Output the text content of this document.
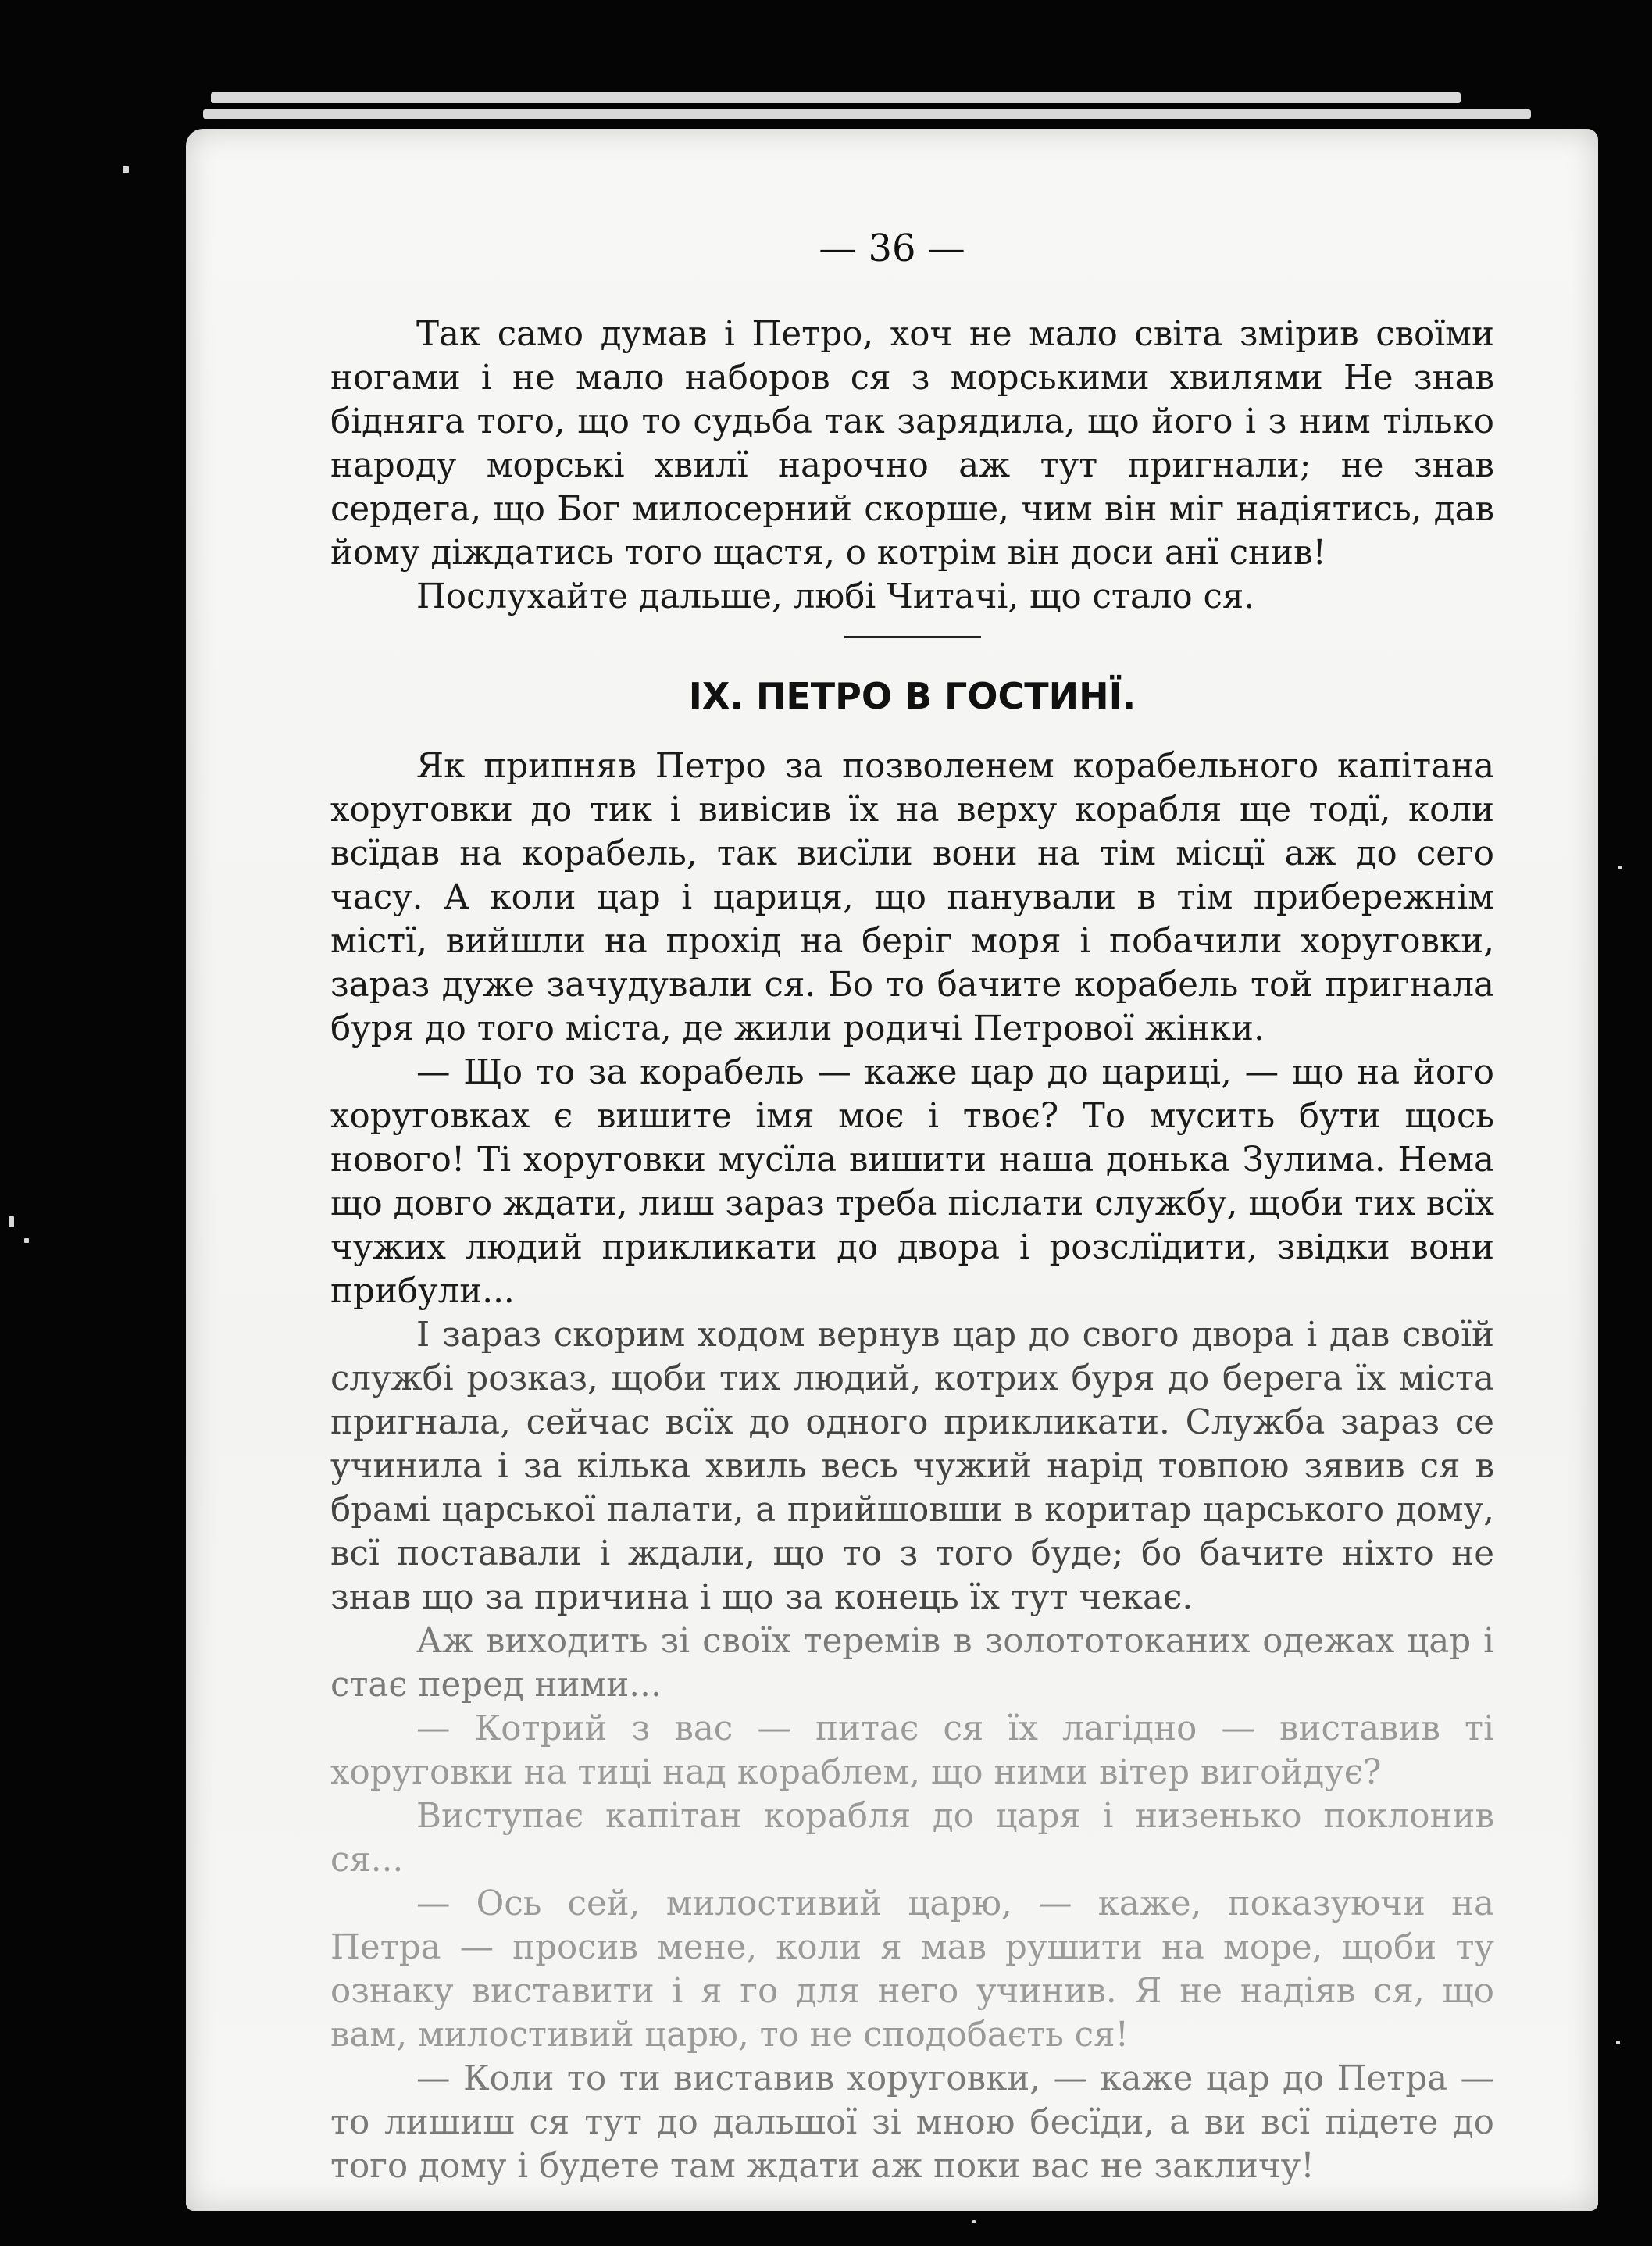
— 36 —

Так само думав і Петро, хоч не мало світа змірив своїми ногами і не мало наборов ся з морськими хвилями Не знав бідняга того, що то судьба так зарядила, що його і з ним тілько народу морські хвилї нарочно аж тут пригнали; не знав сердега, що Бог милосерний скорше, чим він міг надіятись, дав йому діждатись того щастя, о котрім він доси анї снив!

Послухайте дальше, любі Читачі, що стало ся.

IX. ПЕТРО В ГОСТИНЇ.

Як припняв Петро за позволенем корабельного капітана хоруговки до тик і вивісив їх на верху корабля ще тодї, коли вcїдав на корабель, так висїли вони на тім місцї аж до сего часу. А коли цар і цариця, що панували в тім прибережнім містї, вийшли на прохід на беріг моря і побачили хоруговки, зараз дуже зачудували ся. Бо то бачите корабель той пригнала буря до того міста, де жили родичі Петрової жінки.

— Що то за корабель — каже цар до цариці, — що на його хоруговках є вишите імя моє і твоє? То мусить бути щось нового! Ті хоруговки мусїла вишити наша донька Зулима. Нема що довго ждати, лиш зараз треба післати службу, щоби тих всїх чужих людий прикликати до двора і розслїдити, звідки вони прибули...

І зараз скорим ходом вернув цар до свого двора і дав своїй службі розказ, щоби тих людий, котрих буря до берега їх міста пригнала, сейчас всїх до одного прикликати. Служба зараз се учинила і за кілька хвиль весь чужий нарід товпою зявив ся в брамі царської палати, а прийшовши в коритар царського дому, всї поставали і ждали, що то з того буде; бо бачите ніхто не знав що за причина і що за конець їх тут чекає.

Аж виходить зі своїх теремів в золототоканих одежах цар і стає перед ними...

— Котрий з вас — питає ся їх лагідно — виставив ті хоруговки на тиці над кораблем, що ними вітер вигойдує?

Виступає капітан корабля до царя і низенько поклонив ся...

— Ось сей, милостивий царю, — каже, показуючи на Петра — просив мене, коли я мав рушити на море, щоби ту ознаку виставити і я го для него учинив. Я не надіяв ся, що вам, милостивий царю, то не сподобаєть ся!

— Коли то ти виставив хоруговки, — каже цар до Петра — то лишиш ся тут до дальшої зі мною бесїди, а ви всї підете до того дому і будете там ждати аж поки вас не закличу!
